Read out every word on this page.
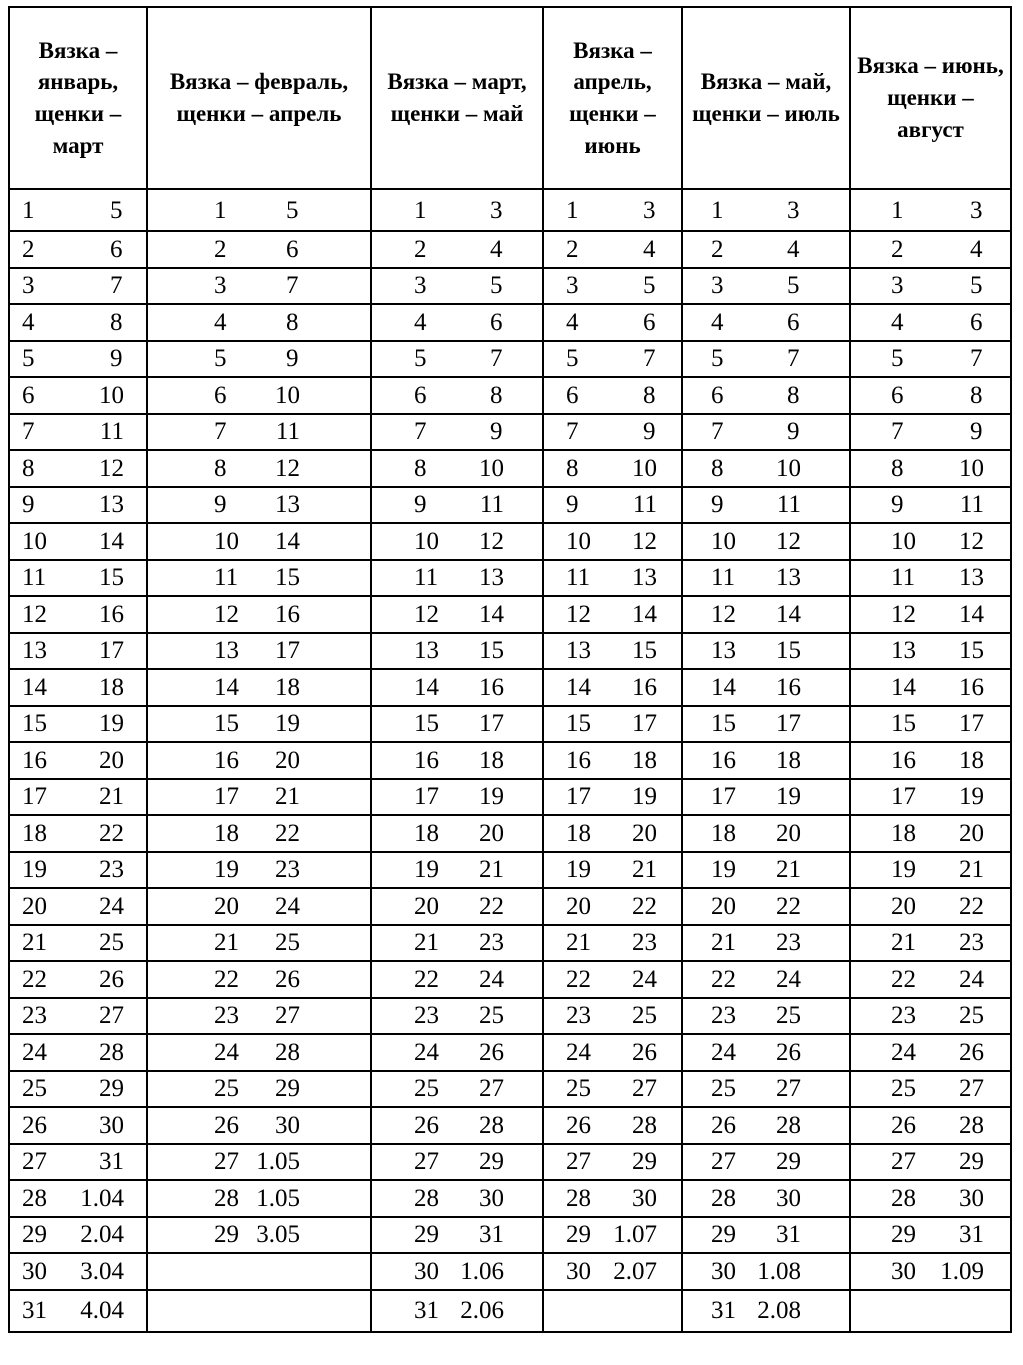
Вязка – январь, щенки – март	Вязка – февраль, щенки – апрель	Вязка – март, щенки – май	Вязка – апрель, щенки – июнь	Вязка – май, щенки – июль	Вязка – июнь, щенки – август

1 5	1 5	1 3	1 3	1 3	1 3

2 6	2 6	2 4	2 4	2 4	2 4

3 7	3 7	3 5	3 5	3 5	3 5

4 8	4 8	4 6	4 6	4 6	4 6

5 9	5 9	5 7	5 7	5 7	5 7

6 10	6 10	6 8	6 8	6 8	6 8

7 11	7 11	7 9	7 9	7 9	7 9

8 12	8 12	8 10	8 10	8 10	8 10

9 13	9 13	9 11	9 11	9 11	9 11

10 14	10 14	10 12	10 12	10 12	10 12

11 15	11 15	11 13	11 13	11 13	11 13

12 16	12 16	12 14	12 14	12 14	12 14

13 17	13 17	13 15	13 15	13 15	13 15

14 18	14 18	14 16	14 16	14 16	14 16

15 19	15 19	15 17	15 17	15 17	15 17

16 20	16 20	16 18	16 18	16 18	16 18

17 21	17 21	17 19	17 19	17 19	17 19

18 22	18 22	18 20	18 20	18 20	18 20

19 23	19 23	19 21	19 21	19 21	19 21

20 24	20 24	20 22	20 22	20 22	20 22

21 25	21 25	21 23	21 23	21 23	21 23

22 26	22 26	22 24	22 24	22 24	22 24

23 27	23 27	23 25	23 25	23 25	23 25

24 28	24 28	24 26	24 26	24 26	24 26

25 29	25 29	25 27	25 27	25 27	25 27

26 30	26 30	26 28	26 28	26 28	26 28

27 31	27 1.05	27 29	27 29	27 29	27 29

28 1.04	28 1.05	28 30	28 30	28 30	28 30

29 2.04	29 3.05	29 31	29 1.07	29 31	29 31

30 3.04		30 1.06	30 2.07	30 1.08	30 1.09

31 4.04		31 2.06		31 2.08	
